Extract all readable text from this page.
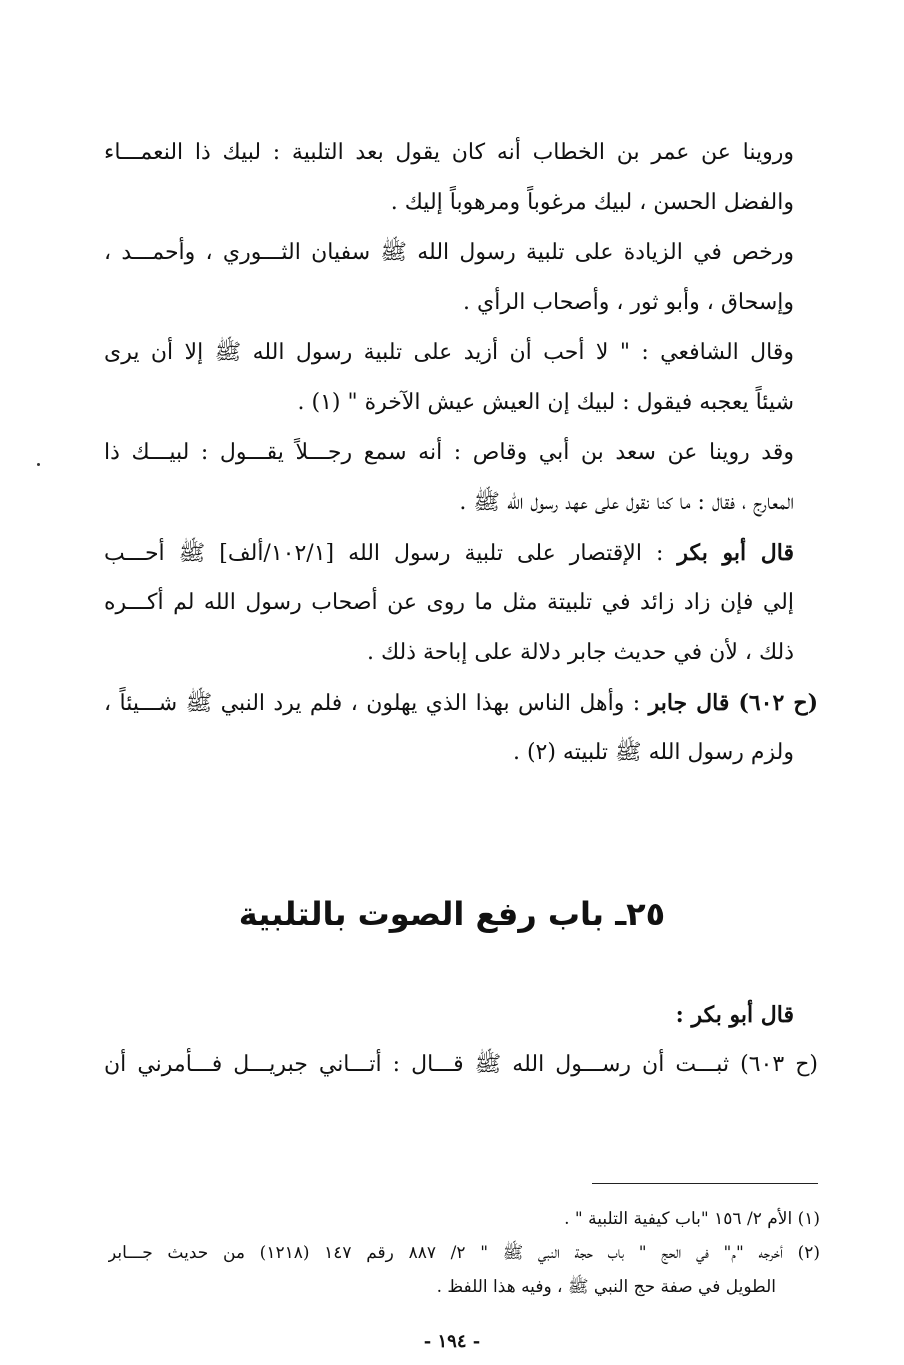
وروينا عن عمر بن الخطاب أنه كان يقول بعد التلبية : لبيك ذا النعمـــاء
والفضل الحسن ، لبيك مرغوباً ومرهوباً إليك .
ورخص في الزيادة على تلبية رسول الله ﷺ سفيان الثـــوري ، وأحمـــد ،
وإسحاق ، وأبو ثور ، وأصحاب الرأي .
وقال الشافعي : " لا أحب أن أزيد على تلبية رسول الله ﷺ إلا أن يرى
شيئاً يعجبه فيقول : لبيك إن العيش عيش الآخرة " (١) .
وقد روينا عن سعد بن أبي وقاص : أنه سمع رجـــلاً يقـــول : لبيـــك ذا
المعارج ، فقال : ما كنا نقول على عهد رسول الله ﷺ .
قال أبو بكر : الإقتصار على تلبية رسول الله [١٠٢/١/ألف] ﷺ أحـــب
إلي فإن زاد زائد في تلبيتة مثل ما روى عن أصحاب رسول الله لم أكـــره
ذلك ، لأن في حديث جابر دلالة على إباحة ذلك .
(ح ٦٠٢) قال جابر : وأهل الناس بهذا الذي يهلون ، فلم يرد النبي ﷺ شـــيئاً ،
ولزم رسول الله ﷺ تلبيته (٢) .
٢٥ـ باب رفع الصوت بالتلبية
قال أبو بكر :
(ح ٦٠٣) ثبـــت أن رســـول الله ﷺ قـــال : أتـــاني جبريـــل فـــأمرني أن
(١) الأم ٢/ ١٥٦ "باب كيفية التلبية " .
(٢) أخرجه "م" في الحج " باب حجة النبي ﷺ " ٢/ ٨٨٧ رقم ١٤٧ (١٢١٨) من حديث جـــابر
الطويل في صفة حج النبي ﷺ ، وفيه هذا اللفظ .
- ١٩٤ -
